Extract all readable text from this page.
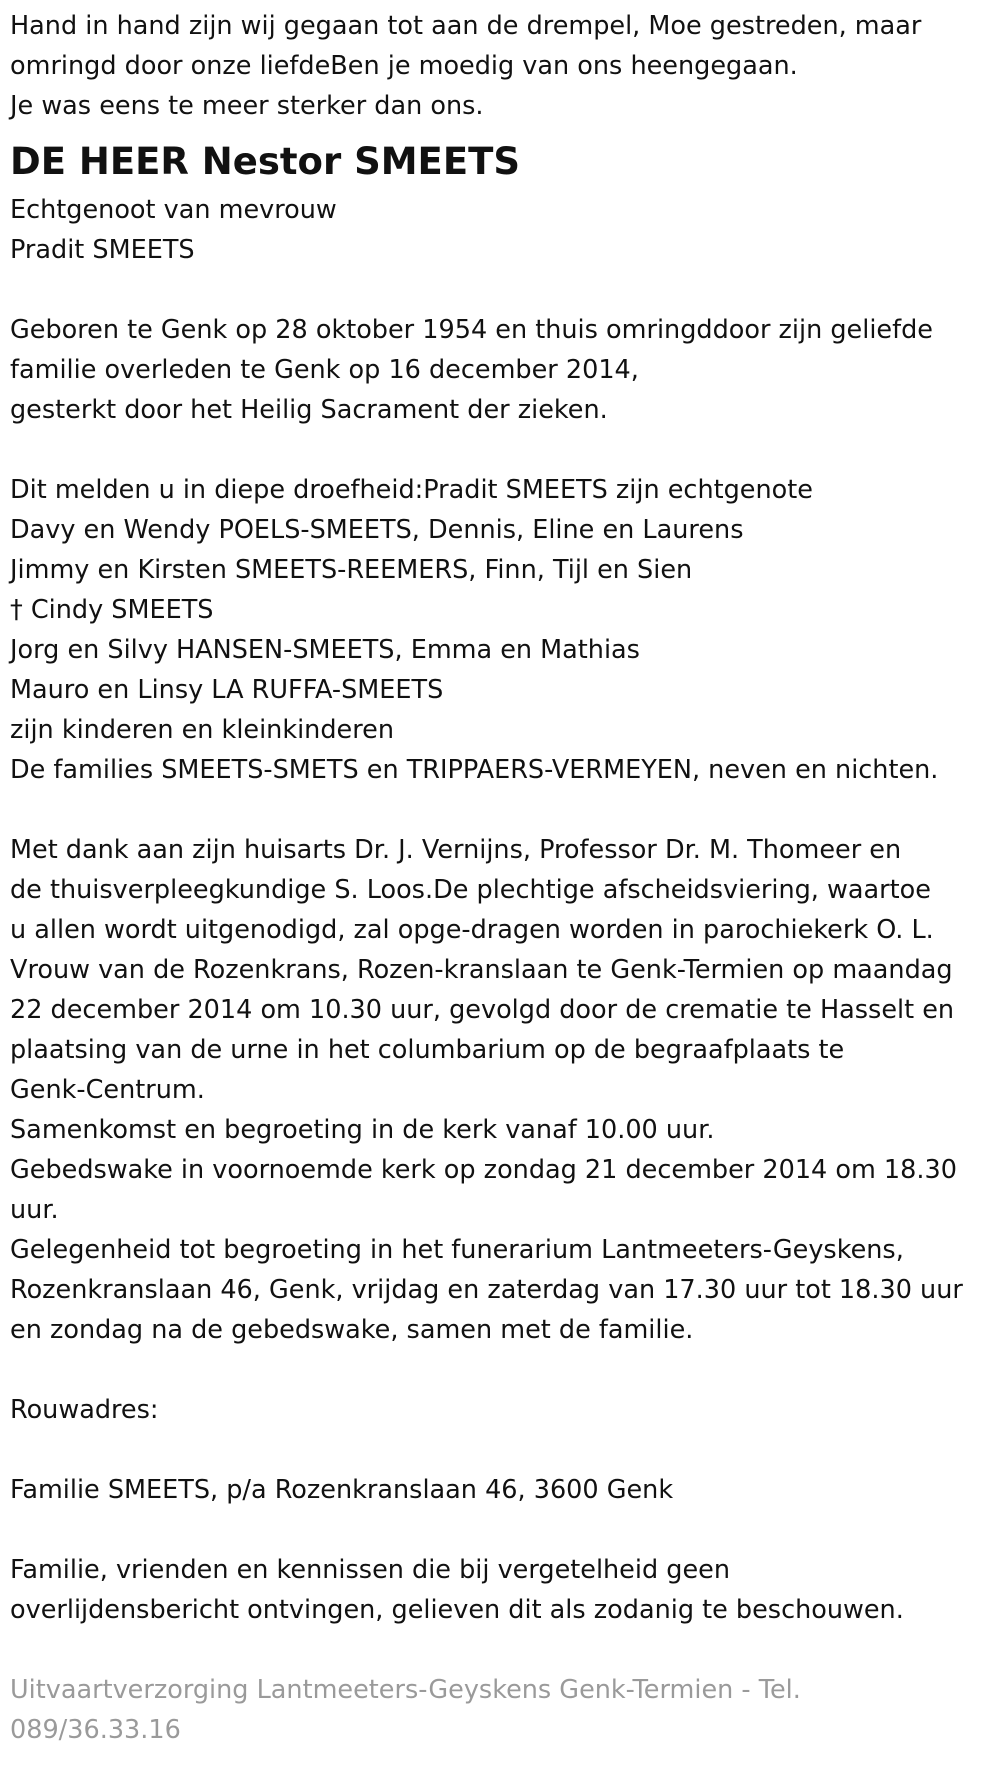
Hand in hand zijn wij gegaan tot aan de drempel, Moe gestreden, maar

omringd door onze liefdeBen je moedig van ons heengegaan.

Je was eens te meer sterker dan ons.

DE HEER Nestor SMEETS

Echtgenoot van mevrouw

Pradit SMEETS

Geboren te Genk op 28 oktober 1954 en thuis omringddoor zijn geliefde

familie overleden te Genk op 16 december 2014,

gesterkt door het Heilig Sacrament der zieken.

Dit melden u in diepe droefheid:Pradit SMEETS zijn echtgenote

Davy en Wendy POELS-SMEETS, Dennis, Eline en Laurens

Jimmy en Kirsten SMEETS-REEMERS, Finn, Tijl en Sien

† Cindy SMEETS

Jorg en Silvy HANSEN-SMEETS, Emma en Mathias

Mauro en Linsy LA RUFFA-SMEETS

zijn kinderen en kleinkinderen

De families SMEETS-SMETS en TRIPPAERS-VERMEYEN, neven en nichten.

Met dank aan zijn huisarts Dr. J. Vernijns, Professor Dr. M. Thomeer en

de thuisverpleegkundige S. Loos.De plechtige afscheidsviering, waartoe

u allen wordt uitgenodigd, zal opge-dragen worden in parochiekerk O. L.

Vrouw van de Rozenkrans, Rozen-kranslaan te Genk-Termien op maandag

22 december 2014 om 10.30 uur, gevolgd door de crematie te Hasselt en

plaatsing van de urne in het columbarium op de begraafplaats te

Genk-Centrum.

Samenkomst en begroeting in de kerk vanaf 10.00 uur.

Gebedswake in voornoemde kerk op zondag 21 december 2014 om 18.30

uur.

Gelegenheid tot begroeting in het funerarium Lantmeeters-Geyskens,

Rozenkranslaan 46, Genk, vrijdag en zaterdag van 17.30 uur tot 18.30 uur

en zondag na de gebedswake, samen met de familie.

Rouwadres:

Familie SMEETS, p/a Rozenkranslaan 46, 3600 Genk

Familie, vrienden en kennissen die bij vergetelheid geen

overlijdensbericht ontvingen, gelieven dit als zodanig te beschouwen.

Uitvaartverzorging Lantmeeters-Geyskens Genk-Termien - Tel.

089/36.33.16
